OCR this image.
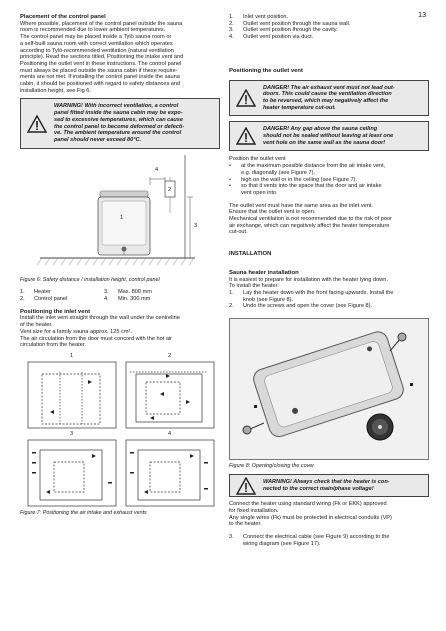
13

Placement of the control panel

Where possible, placement of the control panel outside the sauna

room is recommended due to lower ambient temperatures.

The control panel may be placed inside a Tylö sauna room or

a self-built sauna room with correct ventilation which operates

according to Tylö-recommended ventilation (natural ventilation

principle). Read the sections titled, Positioning the intake vent and

Positioning the outlet vent in these instructions. The control panel

must always be placed outside the sauna cabin if these require-

ments are not met. If installing the control panel inside the sauna

cabin, it should be positioned with regard to safety distances and

installation height, see Fig 6.

WARNING! With incorrect ventilation, a control

panel fitted inside the sauna cabin may be expo-

sed to excessive temperatures, which can cause

the control panel to become deformed or defecti-

ve. The ambient temperature around the control

panel should never exceed 80°C.

4
2
1
3

Figure 6: Safety distance / installation height, control panel

1. Heater	3. Max. 800 mm
2. Control panel	4. Min. 300 mm

Positioning the inlet vent

Install the inlet vent straight through the wall under the centreline

of the heater.

Vent size for a family sauna approx. 125 cm².

The air circulation from the door must concord with the hot air

circulation from the heater.

1	2
3	4

Figure 7: Positioning the air intake and exhaust vents

1.	Inlet vent position.
2.	Outlet vent position through the sauna wall.
3.	Outlet vent position through the cavity.
4.	Outlet vent position via duct.

Positioning the outlet vent

DANGER! The air exhaust vent must not lead out-

doors. This could cause the ventilation direction

to be reversed, which may negatively affect the

heater temperature cut-out.

DANGER! Any gap above the sauna ceiling

should not be sealed without leaving at least one

vent hole on the same wall as the sauna door!

Position the outlet vent

•	at the maximum possible distance from the air intake vent,

e.g. diagonally (see Figure 7).

•	high on the wall or in the ceiling (see Figure 7).

•	so that it vents into the space that the door and air intake

vent open into.

The outlet vent must have the same area as the inlet vent.

Ensure that the outlet vent is open.

Mechanical ventilation is not recommended due to the risk of poor

air exchange, which can negatively affect the heater temperature

cut-out.

INSTALLATION

Sauna heater installation

It is easiest to prepare for installation with the heater lying down.

To install the heater:

1.	Lay the heater down with the front facing upwards. Install the

knob (see Figure 8).

2.	Undo the screws and open the cover (see Figure 8).

Figure 8: Opening/closing the cover

WARNING! Always check that the heater is con-

nected to the correct main/phase voltage!

Connect the heater using standard wiring (Fk or EKK) approved

for fixed installation.

Any single wires (Fk) must be protected in electrical conduits (VP)

to the heater.

3.	Connect the electrical cable (see Figure 9) according to the

wiring diagram (see Figure 17).
